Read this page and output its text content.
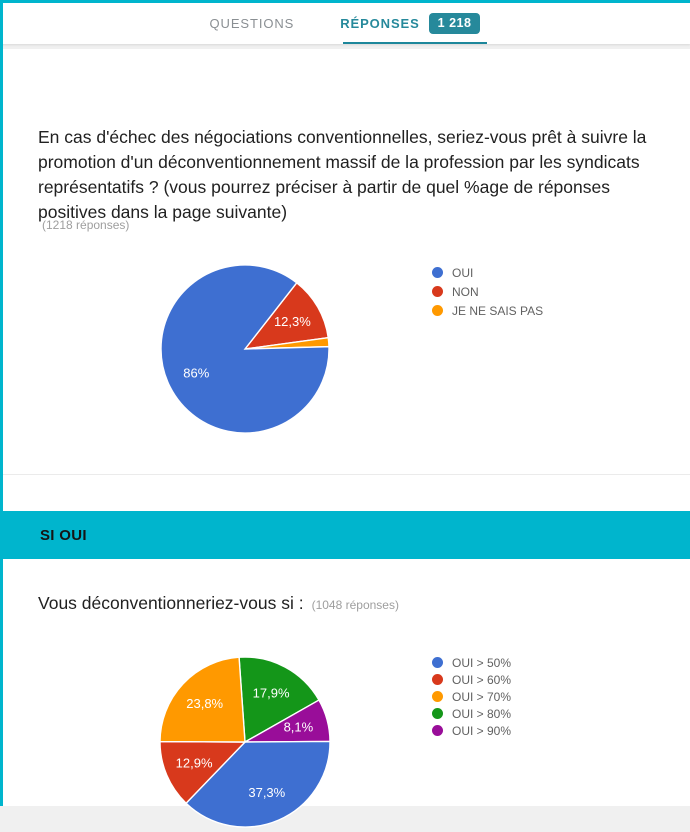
QUESTIONS	RÉPONSES	1 218
En cas d'échec des négociations conventionnelles, seriez-vous prêt à suivre la promotion d'un déconventionnement massif de la profession par les syndicats représentatifs ? (vous pourrez préciser à partir de quel %age de réponses positives dans la page suivante)
(1218 réponses)
12,3%
86%
OUI
NON
JE NE SAIS PAS
SI OUI
Vous déconventionneriez-vous si : (1048 réponses)
17,9%
8,1%
37,3%
12,9%
23,8%
OUI > 50%
OUI > 60%
OUI > 70%
OUI > 80%
OUI > 90%
